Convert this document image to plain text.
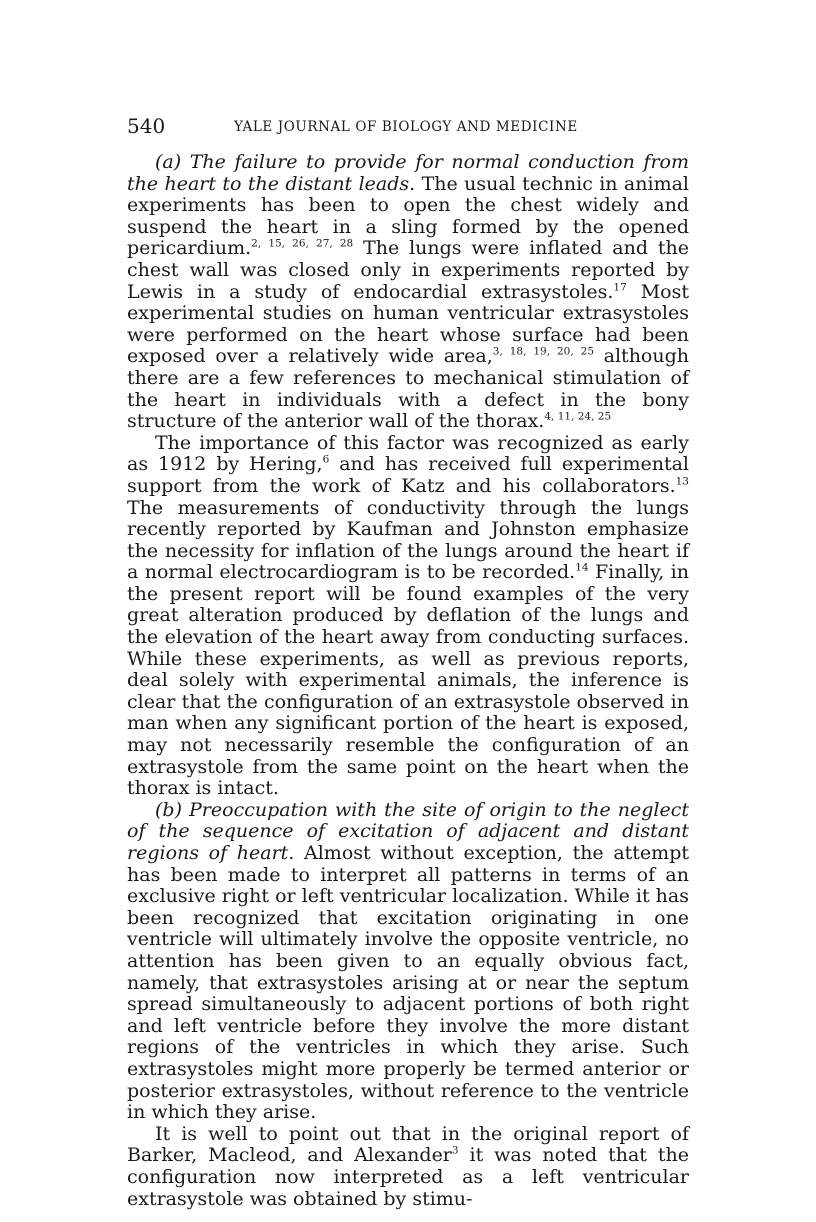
540	YALE JOURNAL OF BIOLOGY AND MEDICINE

(a) The failure to provide for normal conduction from the heart to the distant leads. The usual technic in animal experiments has been to open the chest widely and suspend the heart in a sling formed by the opened pericardium.$^{2, 15, 26, 27, 28}$ The lungs were inflated and the chest wall was closed only in experiments reported by Lewis in a study of endocardial extrasystoles.$^{17}$ Most experimental studies on human ventricular extrasystoles were performed on the heart whose surface had been exposed over a relatively wide area,$^{3, 18, 19, 20, 25}$ although there are a few references to mechanical stimulation of the heart in individuals with a defect in the bony structure of the anterior wall of the thorax.$^{4, 11, 24, 25}$

The importance of this factor was recognized as early as 1912 by Hering,$^6$ and has received full experimental support from the work of Katz and his collaborators.$^{13}$ The measurements of conductivity through the lungs recently reported by Kaufman and Johnston emphasize the necessity for inflation of the lungs around the heart if a normal electrocardiogram is to be recorded.$^{14}$ Finally, in the present report will be found examples of the very great alteration produced by deflation of the lungs and the elevation of the heart away from conducting surfaces. While these experiments, as well as previous reports, deal solely with experimental animals, the inference is clear that the configuration of an extrasystole observed in man when any significant portion of the heart is exposed, may not necessarily resemble the configuration of an extrasystole from the same point on the heart when the thorax is intact.

(b) Preoccupation with the site of origin to the neglect of the sequence of excitation of adjacent and distant regions of heart. Almost without exception, the attempt has been made to interpret all patterns in terms of an exclusive right or left ventricular localization. While it has been recognized that excitation originating in one ventricle will ultimately involve the opposite ventricle, no attention has been given to an equally obvious fact, namely, that extrasystoles arising at or near the septum spread simultaneously to adjacent portions of both right and left ventricle before they involve the more distant regions of the ventricles in which they arise. Such extrasystoles might more properly be termed anterior or posterior extrasystoles, without reference to the ventricle in which they arise.

It is well to point out that in the original report of Barker, Macleod, and Alexander$^3$ it was noted that the configuration now interpreted as a left ventricular extrasystole was obtained by stimu-
